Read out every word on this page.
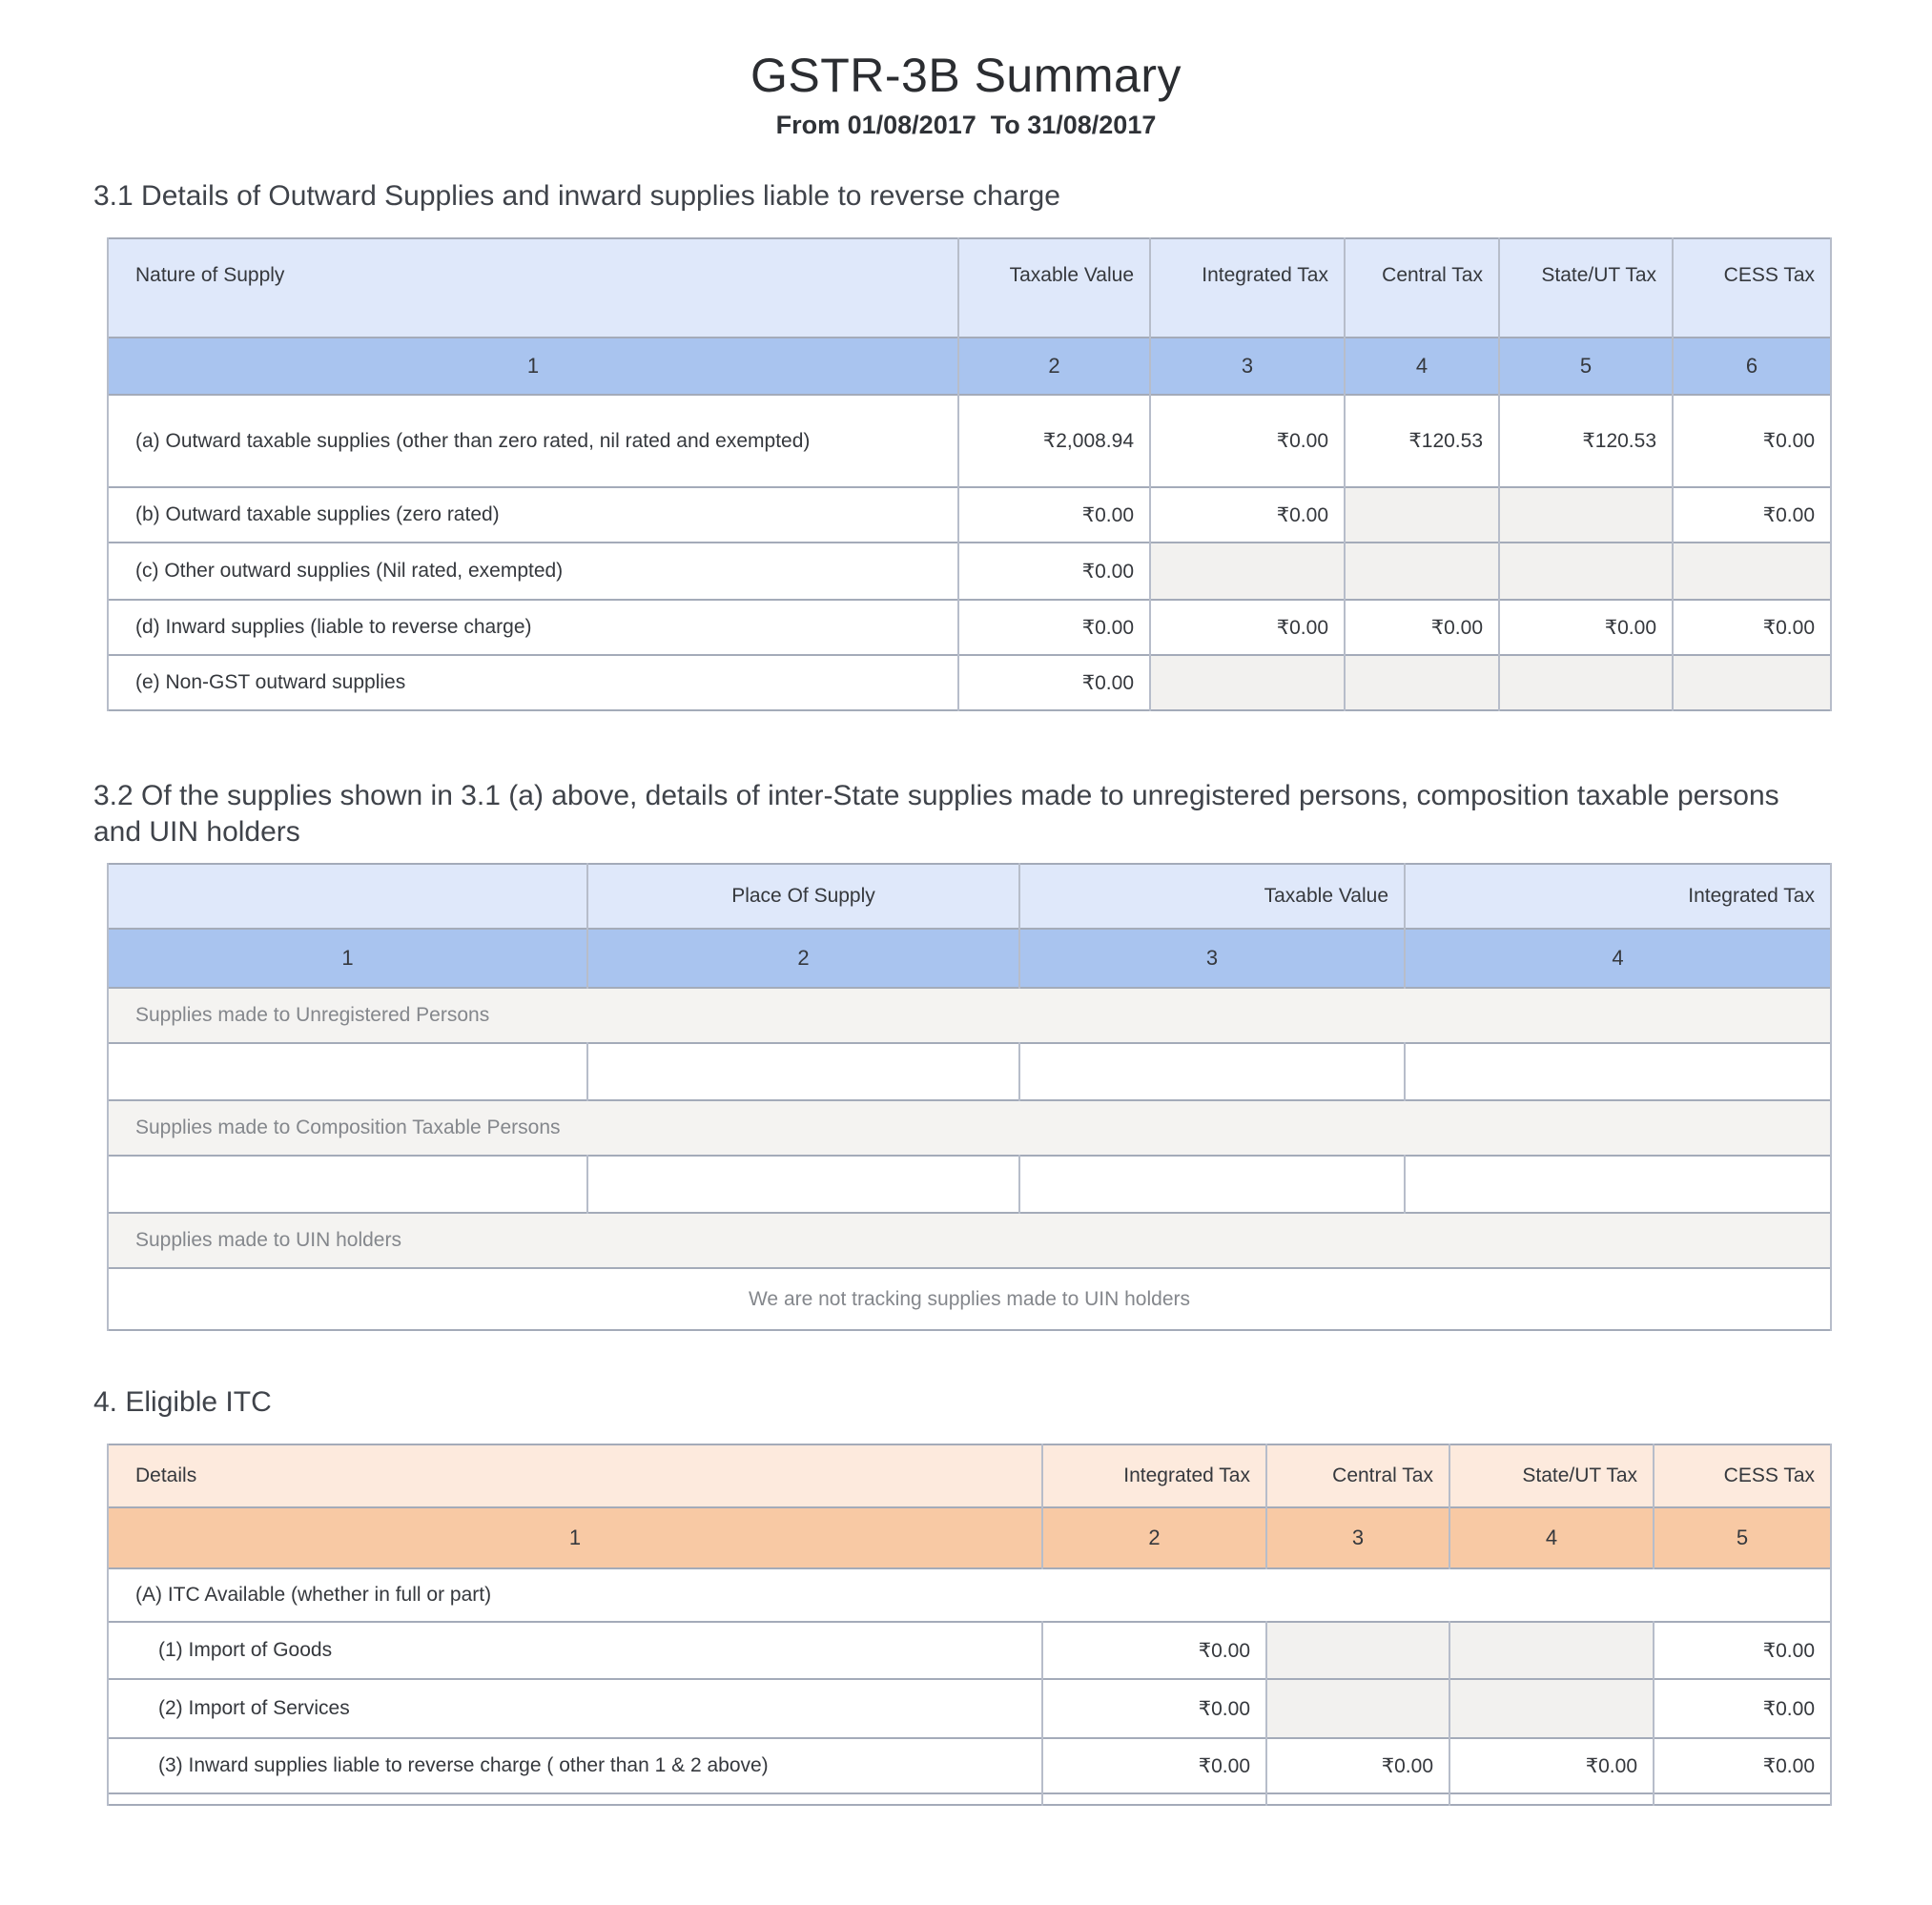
GSTR-3B Summary
From 01/08/2017  To 31/08/2017
3.1 Details of Outward Supplies and inward supplies liable to reverse charge
Nature of Supply	Taxable Value	Integrated Tax	Central Tax	State/UT Tax	CESS Tax
1	2	3	4	5	6

(a) Outward taxable supplies (other than zero rated, nil rated and exempted)	₹2,008.94	₹0.00	₹120.53	₹120.53	₹0.00

(b) Outward taxable supplies (zero rated)	₹0.00	₹0.00			₹0.00

(c) Other outward supplies (Nil rated, exempted)	₹0.00				

(d) Inward supplies (liable to reverse charge)	₹0.00	₹0.00	₹0.00	₹0.00	₹0.00

(e) Non-GST outward supplies	₹0.00				
3.2 Of the supplies shown in 3.1 (a) above, details of inter-State supplies made to unregistered persons, composition taxable persons and UIN holders
	Place Of Supply	Taxable Value	Integrated Tax
1	2	3	4
Supplies made to Unregistered Persons			

Supplies made to Composition Taxable Persons			

Supplies made to UIN holders			
We are not tracking supplies made to UIN holders			
4. Eligible ITC
Details	Integrated Tax	Central Tax	State/UT Tax	CESS Tax
1	2	3	4	5
(A) ITC Available (whether in full or part)				

(1) Import of Goods	₹0.00			₹0.00

(2) Import of Services	₹0.00			₹0.00

(3) Inward supplies liable to reverse charge ( other than 1 & 2 above)	₹0.00	₹0.00	₹0.00	₹0.00
